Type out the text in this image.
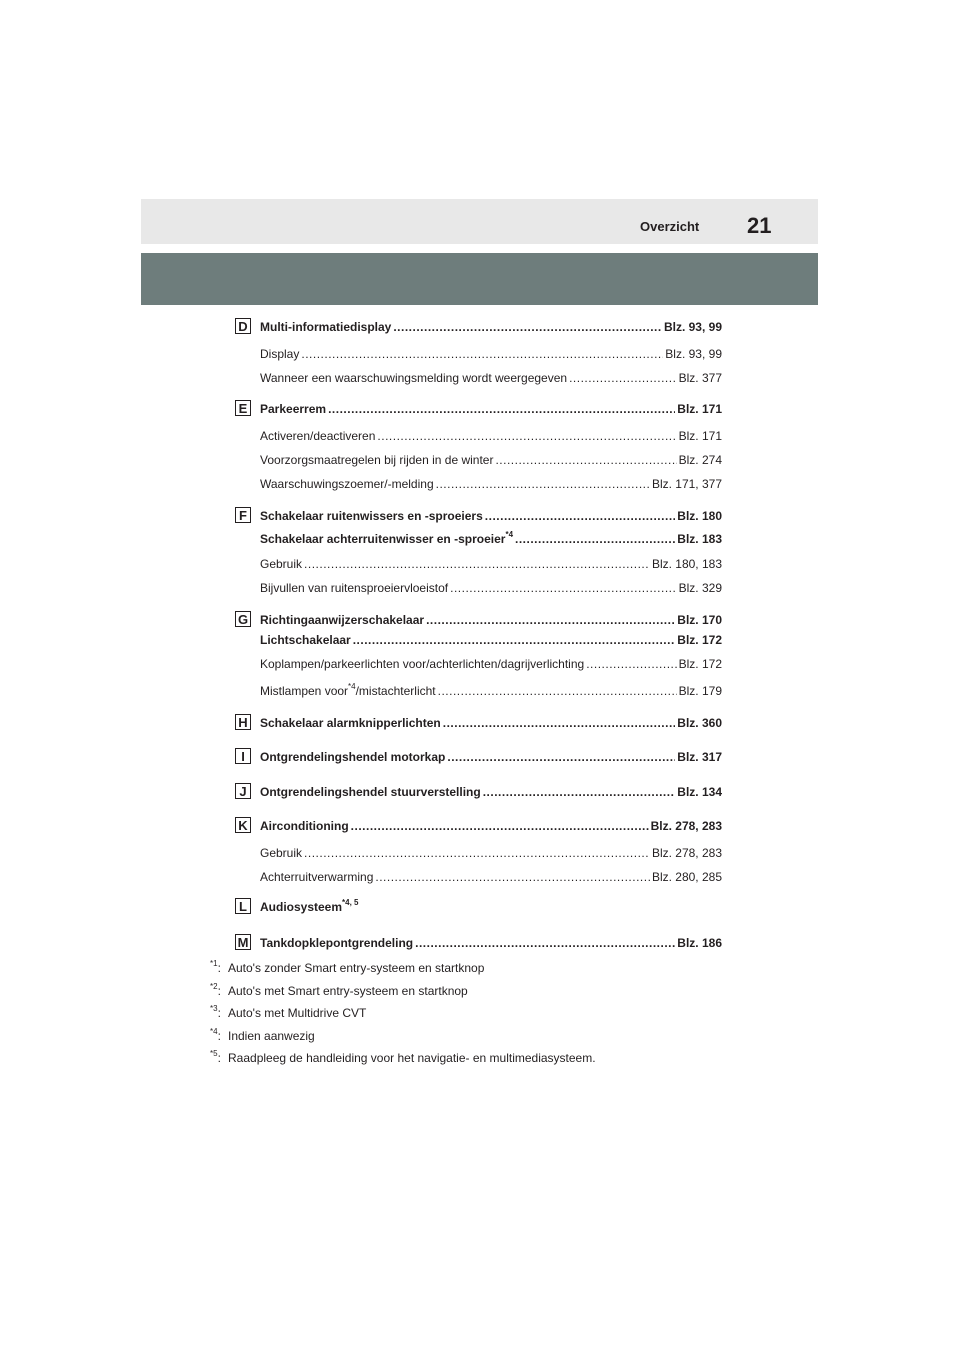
Overzicht 21
D Multi-informatiedisplay .....	Blz. 93, 99
Display .....	Blz. 93, 99
Wanneer een waarschuwingsmelding wordt weergegeven .....	Blz. 377
E	Parkeerrem .....	Blz. 171
Activeren/deactiveren .....	Blz. 171
Voorzorgsmaatregelen bij rijden in de winter .....	Blz. 274
Waarschuwingszoemer/-melding .....	Blz. 171, 377
F	Schakelaar ruitenwissers en -sproeiers .....	Blz. 180
Schakelaar achterruitenwisser en -sproeier$^{*4}$ .....	Blz. 183
Gebruik .....	Blz. 180, 183
Bijvullen van ruitensproeiervloeistof .....	Blz. 329
G Richtingaanwijzerschakelaar .....	Blz. 170
Lichtschakelaar .....	Blz. 172
Koplampen/parkeerlichten voor/achterlichten/dagrijverlichting .....	Blz. 172
Mistlampen voor$^{*4}$/mistachterlicht .....	Blz. 179
H Schakelaar alarmknipperlichten .....	Blz. 360
I	Ontgrendelingshendel motorkap .....	Blz. 317
J	Ontgrendelingshendel stuurverstelling .....	Blz. 134
K Airconditioning .....	Blz. 278, 283
Gebruik .....	Blz. 278, 283
Achterruitverwarming .....	Blz. 280, 285
L	Audiosysteem$^{*4, 5}$
M Tankdopklepontgrendeling .....	Blz. 186
$^{*1}$: Auto's zonder Smart entry-systeem en startknop
$^{*2}$: Auto's met Smart entry-systeem en startknop
$^{*3}$: Auto's met Multidrive CVT
$^{*4}$: Indien aanwezig
$^{*5}$: Raadpleeg de handleiding voor het navigatie- en multimediasysteem.
